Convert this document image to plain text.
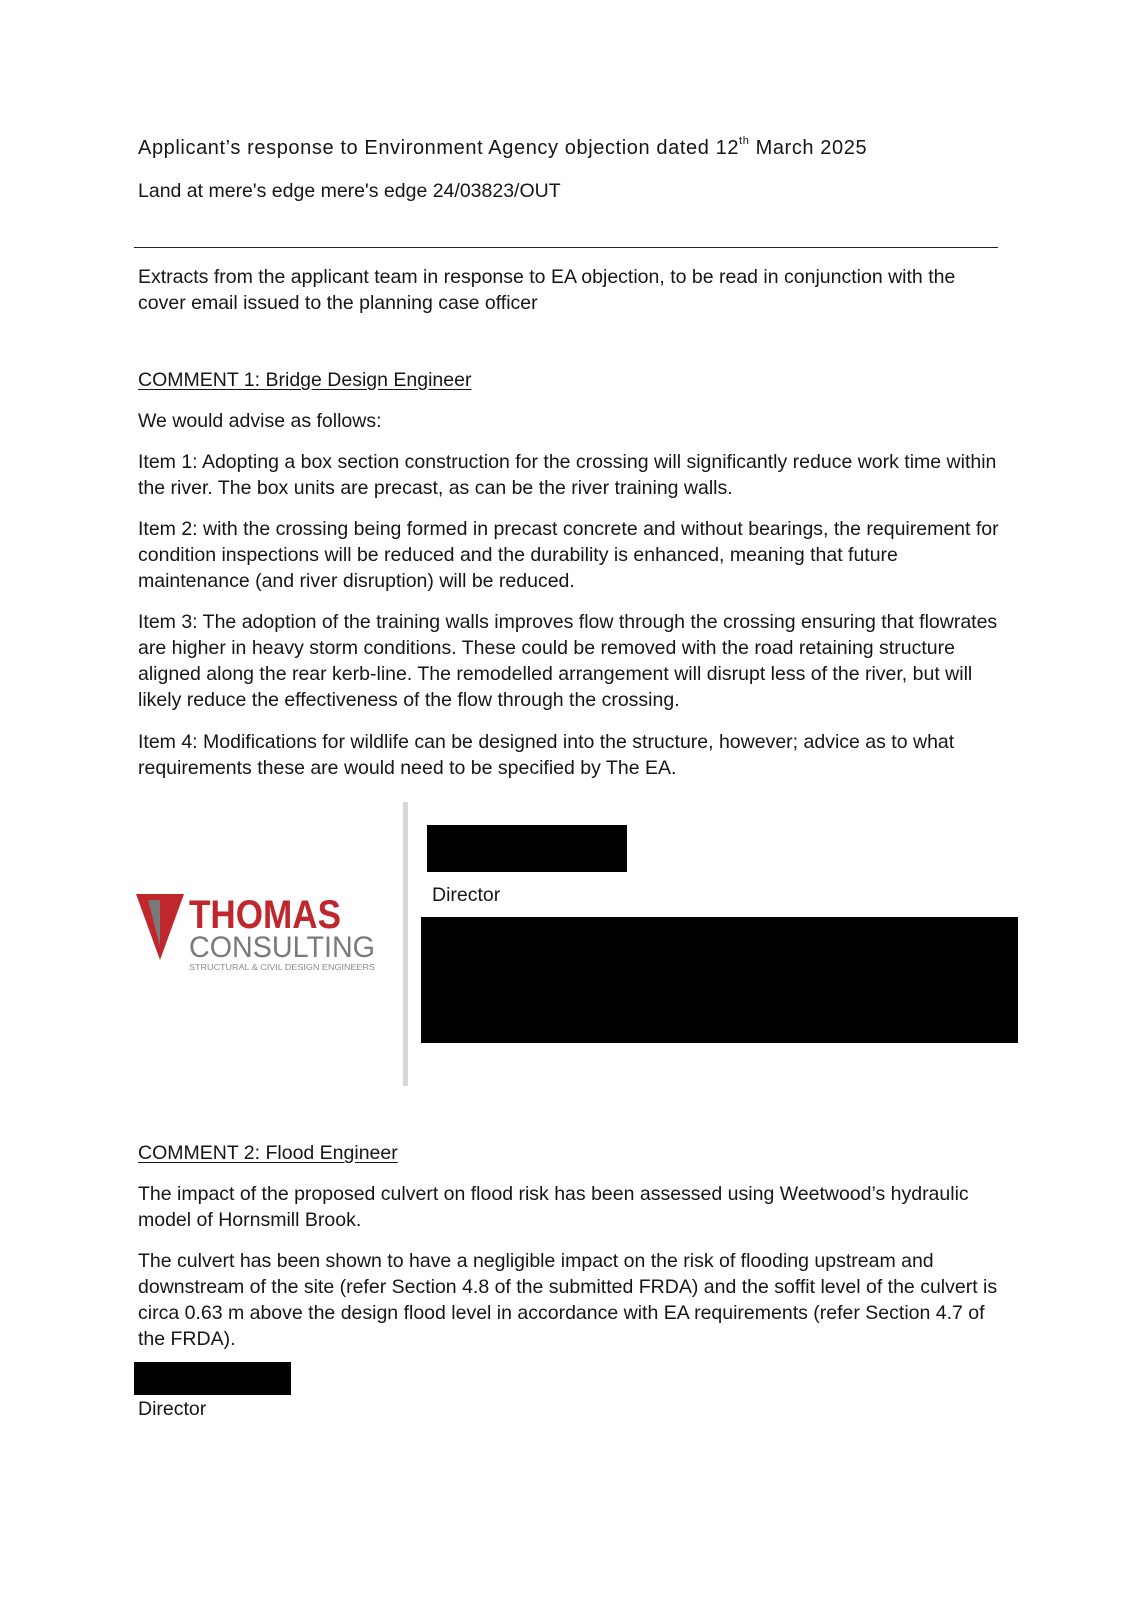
Applicant’s response to Environment Agency objection dated 12th March 2025

Land at mere's edge mere's edge 24/03823/OUT

Extracts from the applicant team in response to EA objection, to be read in conjunction with the cover email issued to the planning case officer

COMMENT 1: Bridge Design Engineer

We would advise as follows:

Item 1: Adopting a box section construction for the crossing will significantly reduce work time within the river. The box units are precast, as can be the river training walls.

Item 2: with the crossing being formed in precast concrete and without bearings, the requirement for condition inspections will be reduced and the durability is enhanced, meaning that future maintenance (and river disruption) will be reduced.

Item 3: The adoption of the training walls improves flow through the crossing ensuring that flowrates are higher in heavy storm conditions. These could be removed with the road retaining structure aligned along the rear kerb-line. The remodelled arrangement will disrupt less of the river, but will likely reduce the effectiveness of the flow through the crossing.

Item 4: Modifications for wildlife can be designed into the structure, however; advice as to what requirements these are would need to be specified by The EA.

THOMAS
CONSULTING
STRUCTURAL & CIVIL DESIGN ENGINEERS

Director

COMMENT 2: Flood Engineer

The impact of the proposed culvert on flood risk has been assessed using Weetwood’s hydraulic model of Hornsmill Brook.

The culvert has been shown to have a negligible impact on the risk of flooding upstream and downstream of the site (refer Section 4.8 of the submitted FRDA) and the soffit level of the culvert is circa 0.63 m above the design flood level in accordance with EA requirements (refer Section 4.7 of the FRDA).

Director
